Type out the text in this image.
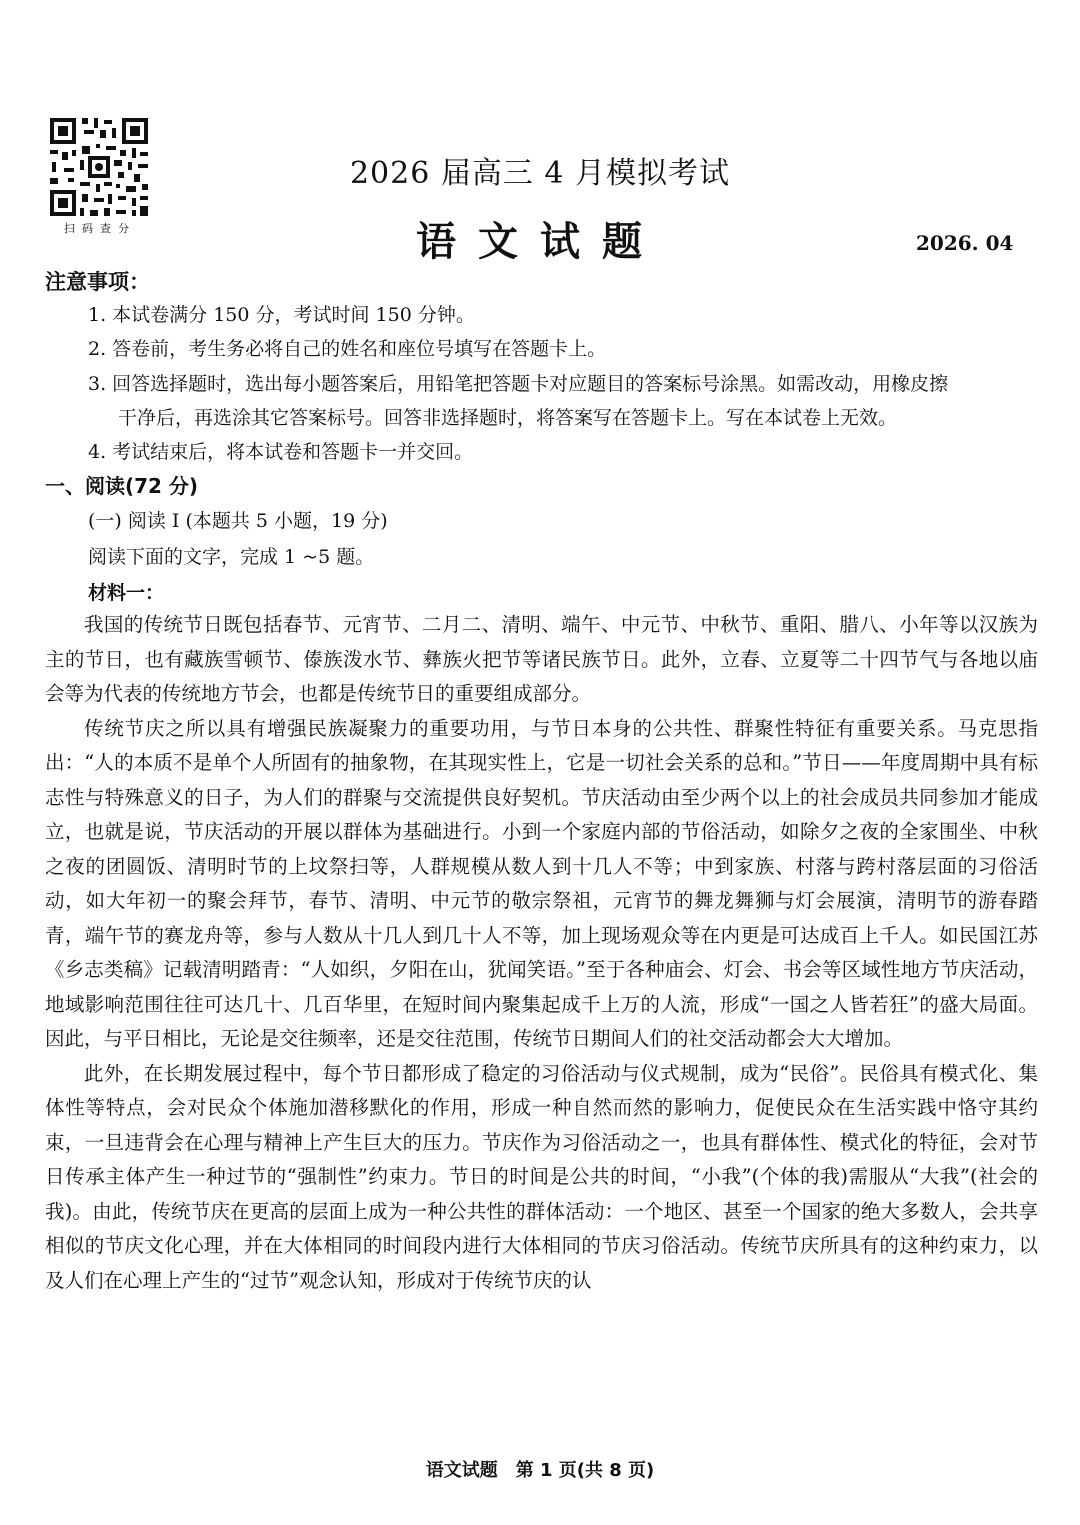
扫码查分
2026 届高三 4 月模拟考试
语文试题	2026. 04
注意事项：
1. 本试卷满分 150 分，考试时间 150 分钟。
2. 答卷前，考生务必将自己的姓名和座位号填写在答题卡上。
3. 回答选择题时，选出每小题答案后，用铅笔把答题卡对应题目的答案标号涂黑。如需改动，用橡皮擦
干净后，再选涂其它答案标号。回答非选择题时，将答案写在答题卡上。写在本试卷上无效。
4. 考试结束后，将本试卷和答题卡一并交回。
一、阅读(72 分)
(一) 阅读 Ⅰ (本题共 5 小题，19 分)
阅读下面的文字，完成 1 ~5 题。
材料一：

我国的传统节日既包括春节、元宵节、二月二、清明、端午、中元节、中秋节、重阳、腊八、小年等以汉族为主的节日，也有藏族雪顿节、傣族泼水节、彝族火把节等诸民族节日。此外，立春、立夏等二十四节气与各地以庙会等为代表的传统地方节会，也都是传统节日的重要组成部分。

传统节庆之所以具有增强民族凝聚力的重要功用，与节日本身的公共性、群聚性特征有重要关系。马克思指出：“人的本质不是单个人所固有的抽象物，在其现实性上，它是一切社会关系的总和。”节日——年度周期中具有标志性与特殊意义的日子，为人们的群聚与交流提供良好契机。节庆活动由至少两个以上的社会成员共同参加才能成立，也就是说，节庆活动的开展以群体为基础进行。小到一个家庭内部的节俗活动，如除夕之夜的全家围坐、中秋之夜的团圆饭、清明时节的上坟祭扫等，人群规模从数人到十几人不等；中到家族、村落与跨村落层面的习俗活动，如大年初一的聚会拜节，春节、清明、中元节的敬宗祭祖，元宵节的舞龙舞狮与灯会展演，清明节的游春踏青，端午节的赛龙舟等，参与人数从十几人到几十人不等，加上现场观众等在内更是可达成百上千人。如民国江苏《乡志类稿》记载清明踏青：“人如织，夕阳在山，犹闻笑语。”至于各种庙会、灯会、书会等区域性地方节庆活动，地域影响范围往往可达几十、几百华里，在短时间内聚集起成千上万的人流，形成“一国之人皆若狂”的盛大局面。因此，与平日相比，无论是交往频率，还是交往范围，传统节日期间人们的社交活动都会大大增加。

此外，在长期发展过程中，每个节日都形成了稳定的习俗活动与仪式规制，成为“民俗”。民俗具有模式化、集体性等特点，会对民众个体施加潜移默化的作用，形成一种自然而然的影响力，促使民众在生活实践中恪守其约束，一旦违背会在心理与精神上产生巨大的压力。节庆作为习俗活动之一，也具有群体性、模式化的特征，会对节日传承主体产生一种过节的“强制性”约束力。节日的时间是公共的时间，“小我”(个体的我)需服从“大我”(社会的我)。由此，传统节庆在更高的层面上成为一种公共性的群体活动：一个地区、甚至一个国家的绝大多数人，会共享相似的节庆文化心理，并在大体相同的时间段内进行大体相同的节庆习俗活动。传统节庆所具有的这种约束力，以及人们在心理上产生的“过节”观念认知，形成对于传统节庆的认

语文试题　第 1 页(共 8 页)
